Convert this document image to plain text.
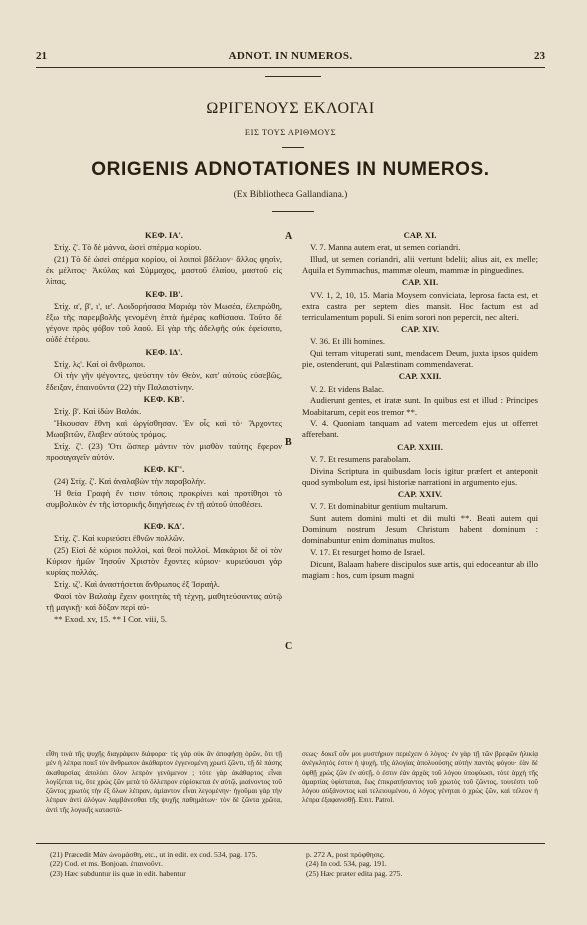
21	ADNOT. IN NUMEROS.	23
ΩΡΙΓΕΝΟΥΣ ΕΚΛΟΓΑΙ
ΕΙΣ ΤΟΥΣ ΑΡΙΘΜΟΥΣ
ORIGENIS ADNOTATIONES IN NUMEROS.
(Ex Bibliotheca Gallandiana.)
A
B
C

ΚΕΦ. ΙΑ'.

Στίχ. ζ'. Τὸ δὲ μάννα, ὡσεὶ σπέρμα κορίου.

(21) Τὸ δὲ ὡσεὶ σπέρμα κορίου, οἱ λοιποὶ βδέλιον· ἄλλος φησὶν, ἐκ μέλιτος· Ἀκύλας καὶ Σύμμαχος, μαστοῦ ἐλαίου, μαστοῦ εἰς λίπας.

ΚΕΦ. ΙΒ'.

Στίχ. α', β', ι', ιε'. Λοιδορήσασα Μαριὰμ τὸν Μωσέα, ἐλεπρώθη, ἔξω τῆς παρεμβολῆς γενομένη ἑπτὰ ἡμέρας καθίσασα. Τοῦτο δὲ γέγονε πρὸς φόβον τοῦ λαοῦ. Εἰ γὰρ τῆς ἀδελφῆς οὐκ ἐφείσατο, οὐδὲ ἑτέρου.

ΚΕΦ. ΙΔ'.

Στίχ. λς'. Καὶ οἱ ἄνθρωποι.

Οἱ τὴν γῆν ψέγοντες, ψεύστην τὸν Θεὸν, κατ' αὐτοὺς εὐσεβῶς, ἔδειξαν, ἐπαινοῦντα (22) τὴν Παλαιστίνην.

ΚΕΦ. ΚΒ'.

Στίχ. β'. Καὶ ἰδὼν Βαλάκ.

Ἤκουσαν ἔθνη καὶ ὠργίσθησαν. Ἐν οἷς καὶ τό· Ἄρχοντες Μωαβιτῶν, ἔλαβεν αὐτοὺς τρόμος.

Στίχ. ζ'. (23) Ὅτι ὥσπερ μάντιν τὸν μισθὸν ταύτης ἔφερον προσαγαγεῖν αὐτόν.

ΚΕΦ. ΚΓ'.

(24) Στίχ. ζ'. Καὶ ἀναλαβὼν τὴν παραβολήν.

Ἡ θεία Γραφὴ ἔν τισιν τόποις προκρίνει καὶ προτίθησι τὸ συμβολικὸν ἐν τῆς ἱστορικῆς διηγήσεως ἐν τῇ αὐτοῦ ὑποθέσει.

ΚΕΦ. ΚΔ'.

Στίχ. ζ'. Καὶ κυριεύσει ἐθνῶν πολλῶν.

(25) Εἰσὶ δὲ κύριοι πολλοὶ, καὶ θεοὶ πολλοί. Μακάριοι δὲ οἱ τὸν Κύριον ἡμῶν Ἰησοῦν Χριστὸν ἔχοντες κύριον· κυριεύουσι γὰρ κυρίας πολλάς.

Στίχ. ιζ'. Καὶ ἀναστήσεται ἄνθρωπος ἐξ Ἰσραήλ.

Φασὶ τὸν Βαλαὰμ ἔχειν φοιτητὰς τῆ τέχνῃ, μαθητεύσαντας αὐτῷ τῇ μαγικῇ· καὶ δόξαν περὶ αὐ-

** Exod. xv, 15. ** I Cor. viii, 5.

CAP. XI.

V. 7. Manna autem erat, ut semen coriandri.

Illud, ut semen coriandri, alii vertunt bdelii; alius ait, ex melle; Aquila et Symmachus, mammæ oleum, mammæ in pinguedines.

CAP. XII.

VV. 1, 2, 10, 15. Maria Moysem conviciata, leprosa facta est, et extra castra per septem dies mansit. Hoc factum est ad terriculamentum populi. Si enim sorori non pepercit, nec alteri.

CAP. XIV.

V. 36. Et illi homines.

Qui terram vituperati sunt, mendacem Deum, juxta ipsos quidem pie, ostenderunt, qui Palæstinam commendaverat.

CAP. XXII.

V. 2. Et videns Balac.

Audierunt gentes, et iratæ sunt. In quibus est et illud : Principes Moabitarum, cepit eos tremor **.

V. 4. Quoniam tanquam ad vatem mercedem ejus ut offerret afferebant.

CAP. XXIII.

V. 7. Et resumens parabolam.

Divina Scriptura in quibusdam locis igitur præfert et anteponit quod symbolum est, ipsi historiæ narrationi in argumento ejus.

CAP. XXIV.

V. 7. Et dominabitur gentium multarum.

Sunt autem domini multi et dii multi **. Beati autem qui Dominum nostrum Jesum Christum habent dominum : dominabuntur enim dominatus multos.

V. 17. Et resurget homo de Israel.

Dicunt, Balaam habere discipulos suæ artis, qui edoceantur ab illo magiam : hos, cum ipsum magni

εἶθη τινὰ τῆς ψυχῆς διαγράφειν διάφορα· τίς γὰρ οὐκ ἂν ἀποφήσῃ ὁρῶν, ὅτι τῇ μὲν ἡ λέπρα ποιεῖ τὸν ἄνθρωπον ἀκάθαρτον ἐγγενομένη χρωτὶ ζῶντι, τῇ δὲ πάσης ἀκαθαρσίας ἀπολύει ὅλον λεπρὸν γενόμενον ; τότε γὰρ ἀκάθαρτος εἶναι λογίζεται τις, ὅτε χρὼς ζῶν μετὰ τὸ ὅλλεπρον εὑρίσκεται ἐν αὐτῷ, μιαίνοντος τοῦ ζῶντος χρωτὸς τὴν ἐξ ὅλων λέπραν, ἀμίαντον εἶναι λεγομένην· ἡγοῦμαι γὰρ τὴν λέπραν ἀντὶ ἀλόγων λαμβάνεσθαι τῆς ψυχῆς παθημάτων· τὸν δὲ ζῶντα χρῶτα, ἀντὶ τῆς λογικῆς καταστά-

σεως· δοκεῖ οὖν μοι μυστήριον περιέχειν ὁ λόγος· ἐν γὰρ τῇ τῶν βρεφῶν ἡλικίᾳ ἀνέγκλητός ἐστιν ἡ ψυχὴ, τῆς ἀλογίας ἀπολυούσης αὐτὴν παντὸς φόγου· ἐὰν δὲ ὀφθῇ χρὼς ζῶν ἐν αὐτῇ, ὁ ἐστιν ἐὰν ἀρχὰς τοῦ λόγου ὑποφύωσι, τότε ἀρχὴ τῆς ἁμαρτίας ὑφίσταται, ἕως ἐπικρατήσαντος τοῦ χρωτὸς τοῦ ζῶντος, τουτέστι τοῦ λόγου αὐξάνοντος καὶ τελειουμένου, ὁ λόγος γένηται ὁ χρὼς ζῶν, καὶ τέλεον ἡ λέπρα ἐξαφανισθῇ. Επιτ. Patrol.

(21) Præcedit Μάν ὠνομάσθη, etc., ut in edit. ex cod. 534, pag. 175.

(22) Cod. et ms. Bonjoan. ἐπαινοῦντ.

(23) Hæc subduntur iis quæ in edit. habentur

p. 272 A, post πρόφθησις.

(24) In cod. 534, pag. 191.

(25) Hæc præter edita pag. 275.
